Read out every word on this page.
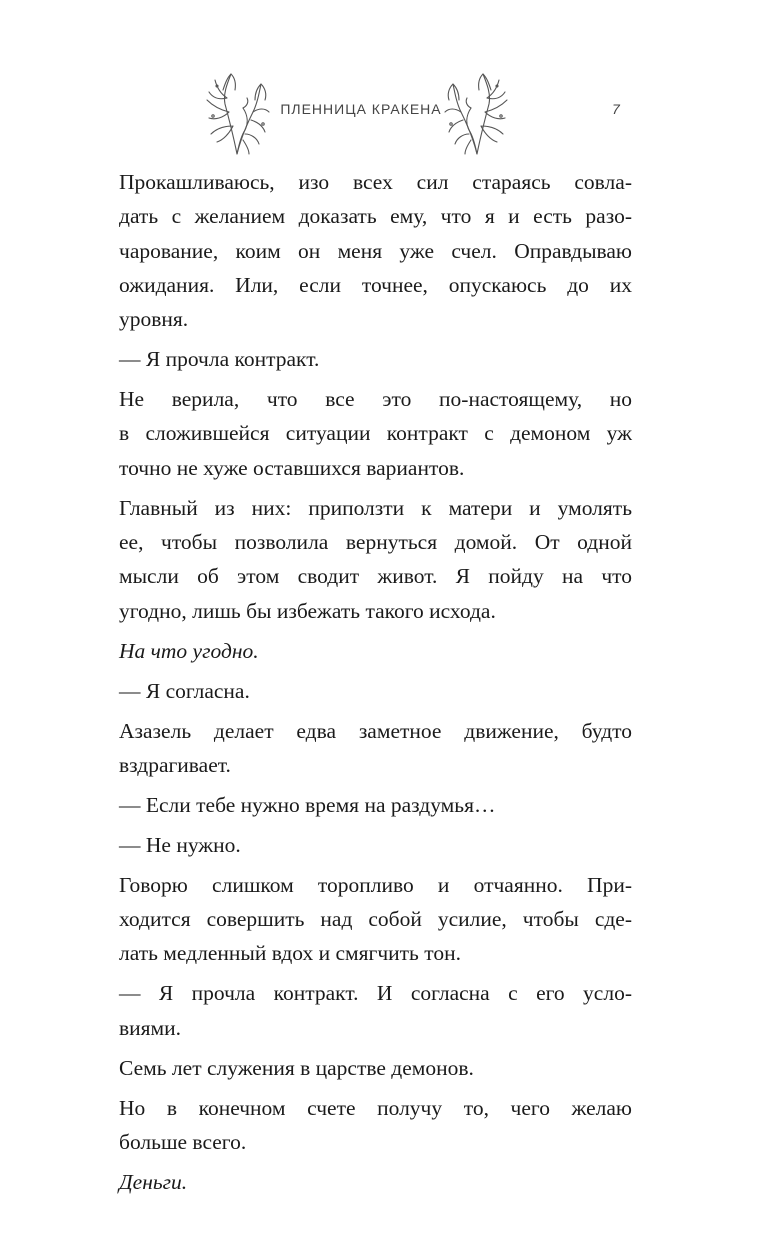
ПЛЕННИЦА КРАКЕНА	7
Прокашливаюсь, изо всех сил стараясь совла-
дать с желанием доказать ему, что я и есть разо-
чарование, коим он меня уже счел. Оправдываю
ожидания. Или, если точнее, опускаюсь до их
уровня.
— Я прочла контракт.
Не верила, что все это по-настоящему, но
в сложившейся ситуации контракт с демоном уж
точно не хуже оставшихся вариантов.
Главный из них: приползти к матери и умолять
ее, чтобы позволила вернуться домой. От одной
мысли об этом сводит живот. Я пойду на что
угодно, лишь бы избежать такого исхода.
На что угодно.
— Я согласна.
Азазель делает едва заметное движение, будто
вздрагивает.
— Если тебе нужно время на раздумья…
— Не нужно.
Говорю слишком торопливо и отчаянно. При-
ходится совершить над собой усилие, чтобы сде-
лать медленный вдох и смягчить тон.
— Я прочла контракт. И согласна с его усло-
виями.
Семь лет служения в царстве демонов.
Но в конечном счете получу то, чего желаю
больше всего.
Деньги.
